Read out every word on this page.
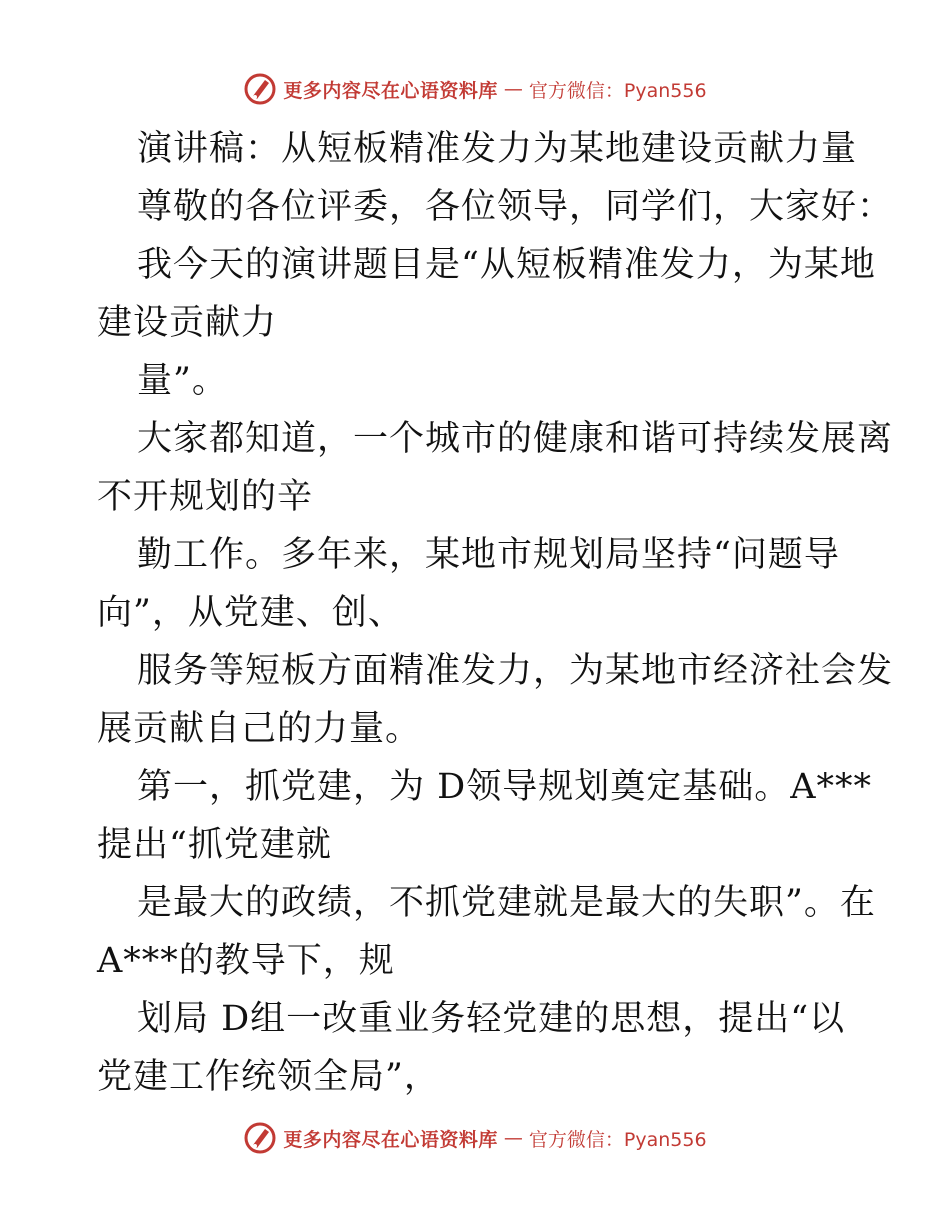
更多内容尽在心语资料库 — 官方微信：Pyan556
演讲稿：从短板精准发力为某地建设贡献力量
尊敬的各位评委，各位领导，同学们，大家好：
我今天的演讲题目是“从短板精准发力，为某地
建设贡献力
量”。
大家都知道，一个城市的健康和谐可持续发展离
不开规划的辛
勤工作。多年来，某地市规划局坚持“问题导
向”，从党建、创、
服务等短板方面精准发力，为某地市经济社会发
展贡献自己的力量。
第一，抓党建，为 D领导规划奠定基础。A***
提出“抓党建就
是最大的政绩，不抓党建就是最大的失职”。在
A***的教导下，规
划局 D组一改重业务轻党建的思想，提出“以
党建工作统领全局”，
更多内容尽在心语资料库 — 官方微信：Pyan556
